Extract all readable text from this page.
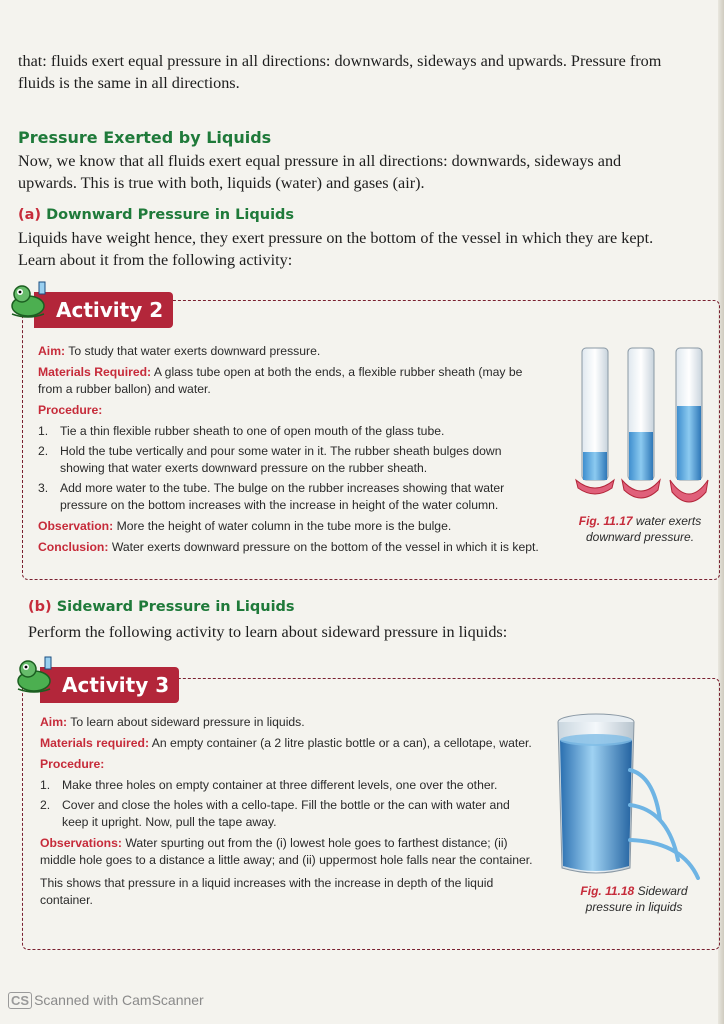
that: fluids exert equal pressure in all directions: downwards, sideways and upwards. Pressure from
fluids is the same in all directions.
Pressure Exerted by Liquids
Now, we know that all fluids exert equal pressure in all directions: downwards, sideways and
upwards. This is true with both, liquids (water) and gases (air).
(a) Downward Pressure in Liquids
Liquids have weight hence, they exert pressure on the bottom of the vessel in which they are kept.
Learn about it from the following activity:
Activity 2
Aim: To study that water exerts downward pressure.
Materials Required: A glass tube open at both the ends, a flexible rubber sheath (may be
from a rubber ballon) and water.
Procedure:
1. Tie a thin flexible rubber sheath to one of open mouth of the glass tube.
2. Hold the tube vertically and pour some water in it. The rubber sheath bulges down
showing that water exerts downward pressure on the rubber sheath.
3. Add more water to the tube. The bulge on the rubber increases showing that water
pressure on the bottom increases with the increase in height of the water column.
Observation: More the height of water column in the tube more is the bulge.
Conclusion: Water exerts downward pressure on the bottom of the vessel in which it is kept.
Fig. 11.17 water exerts
downward pressure.
(b) Sideward Pressure in Liquids
Perform the following activity to learn about sideward pressure in liquids:
Activity 3
Aim: To learn about sideward pressure in liquids.
Materials required: An empty container (a 2 litre plastic bottle or a can), a cellotape, water.
Procedure:
1. Make three holes on empty container at three different levels, one over the other.
2. Cover and close the holes with a cello-tape. Fill the bottle or the can with water and
keep it upright. Now, pull the tape away.
Observations: Water spurting out from the (i) lowest hole goes to farthest distance; (ii)
middle hole goes to a distance a little away; and (ii) uppermost hole falls near the container.
This shows that pressure in a liquid increases with the increase in depth of the liquid
container.
Fig. 11.18 Sideward
pressure in liquids
CS Scanned with CamScanner
